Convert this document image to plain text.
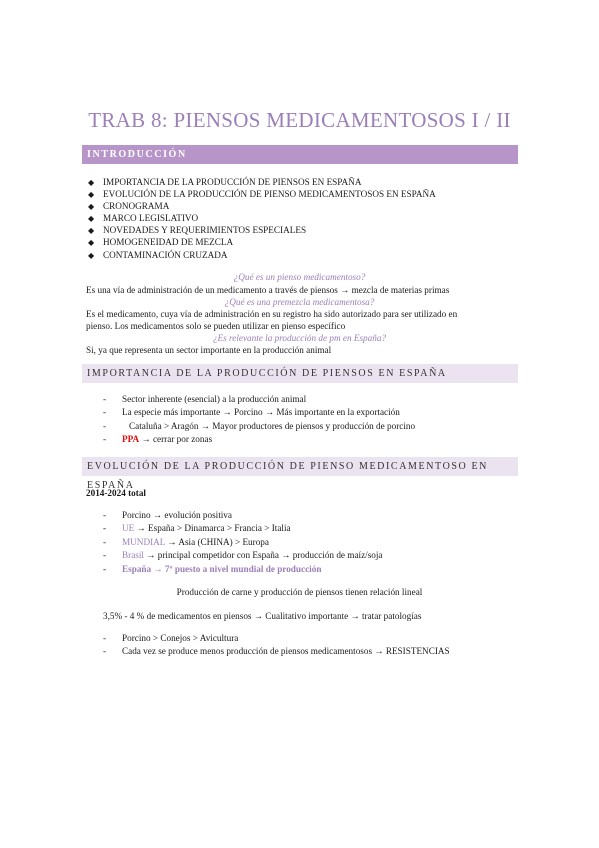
TRAB 8: PIENSOS MEDICAMENTOSOS I / II
INTRODUCCIÓN
◆ IMPORTANCIA DE LA PRODUCCIÓN DE PIENSOS EN ESPAÑA
◆ EVOLUCIÓN DE LA PRODUCCIÓN DE PIENSO MEDICAMENTOSOS EN ESPAÑA
◆ CRONOGRAMA
◆ MARCO LEGISLATIVO
◆ NOVEDADES Y REQUERIMIENTOS ESPECIALES
◆ HOMOGENEIDAD DE MEZCLA
◆ CONTAMINACIÓN CRUZADA
¿Qué es un pienso medicamentoso?
Es una vía de administración de un medicamento a través de piensos → mezcla de materias primas
¿Qué es una premezcla medicamentosa?
Es el medicamento, cuya vía de administración en su registro ha sido autorizado para ser utilizado en
pienso. Los medicamentos solo se pueden utilizar en pienso específico
¿Es relevante la producción de pm en España?
Si, ya que representa un sector importante en la producción animal
IMPORTANCIA DE LA PRODUCCIÓN DE PIENSOS EN ESPAÑA
- Sector inherente (esencial) a la producción animal
- La especie más importante → Porcino → Más importante en la exportación
- Cataluña > Aragón → Mayor productores de piensos y producción de porcino
- PPA → cerrar por zonas
EVOLUCIÓN DE LA PRODUCCIÓN DE PIENSO MEDICAMENTOSO EN ESPAÑA
2014-2024 total
- Porcino → evolución positiva
- UE → España > Dinamarca > Francia > Italia
- MUNDIAL → Asia (CHINA) > Europa
- Brasil → principal competidor con España → producción de maíz/soja
- España → 7º puesto a nivel mundial de producción
Producción de carne y producción de piensos tienen relación lineal
3,5% - 4 % de medicamentos en piensos → Cualitativo importante → tratar patologías
- Porcino > Conejos > Avicultura
- Cada vez se produce menos producción de piensos medicamentosos → RESISTENCIAS
